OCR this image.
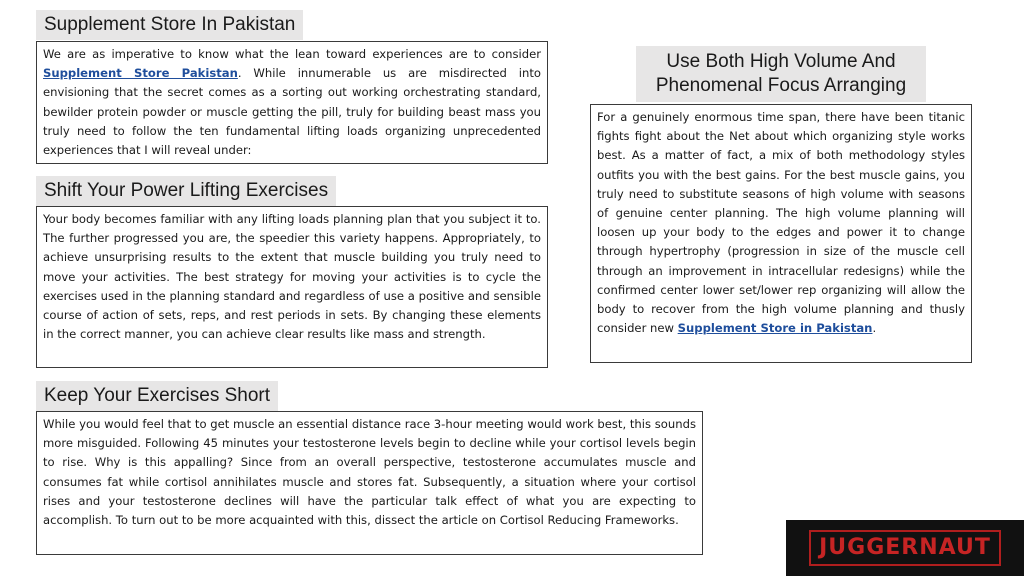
Supplement Store In Pakistan
We are as imperative to know what the lean toward experiences are to consider Supplement Store Pakistan. While innumerable us are misdirected into envisioning that the secret comes as a sorting out working orchestrating standard, bewilder protein powder or muscle getting the pill, truly for building beast mass you truly need to follow the ten fundamental lifting loads organizing unprecedented experiences that I will reveal under:
Shift Your Power Lifting Exercises
Your body becomes familiar with any lifting loads planning plan that you subject it to. The further progressed you are, the speedier this variety happens. Appropriately, to achieve unsurprising results to the extent that muscle building you truly need to move your activities. The best strategy for moving your activities is to cycle the exercises used in the planning standard and regardless of use a positive and sensible course of action of sets, reps, and rest periods in sets. By changing these elements in the correct manner, you can achieve clear results like mass and strength.
Use Both High Volume And Phenomenal Focus Arranging
For a genuinely enormous time span, there have been titanic fights fight about the Net about which organizing style works best. As a matter of fact, a mix of both methodology styles outfits you with the best gains. For the best muscle gains, you truly need to substitute seasons of high volume with seasons of genuine center planning. The high volume planning will loosen up your body to the edges and power it to change through hypertrophy (progression in size of the muscle cell through an improvement in intracellular redesigns) while the confirmed center lower set/lower rep organizing will allow the body to recover from the high volume planning and thusly consider new Supplement Store in Pakistan.
Keep Your Exercises Short
While you would feel that to get muscle an essential distance race 3-hour meeting would work best, this sounds more misguided. Following 45 minutes your testosterone levels begin to decline while your cortisol levels begin to rise. Why is this appalling? Since from an overall perspective, testosterone accumulates muscle and consumes fat while cortisol annihilates muscle and stores fat. Subsequently, a situation where your cortisol rises and your testosterone declines will have the particular talk effect of what you are expecting to accomplish. To turn out to be more acquainted with this, dissect the article on Cortisol Reducing Frameworks.
JUGGERNAUT
